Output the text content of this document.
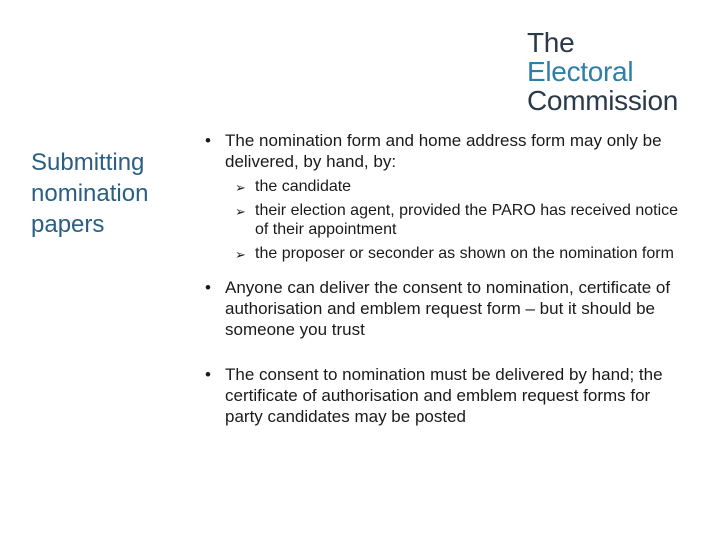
The
Electoral
Commission
Submitting nomination papers
• The nomination form and home address form may only be delivered, by hand, by:
➢ the candidate
➢ their election agent, provided the PARO has received notice of their appointment
➢ the proposer or seconder as shown on the nomination form
• Anyone can deliver the consent to nomination, certificate of authorisation and emblem request form – but it should be someone you trust
• The consent to nomination must be delivered by hand; the certificate of authorisation and emblem request forms for party candidates may be posted
